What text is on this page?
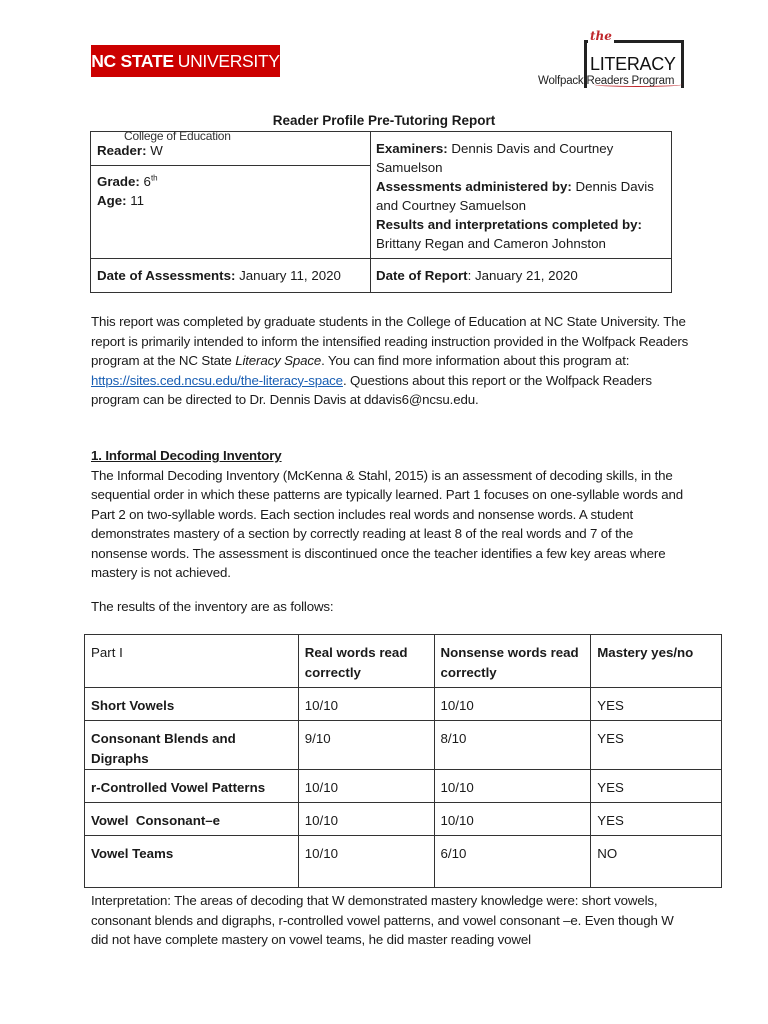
NC STATE UNIVERSITY
the
LITERACY
Wolfpack Readers Program
Reader Profile Pre-Tutoring Report
Reader: W
Grade: 6th
Age: 11
Date of Assessments: January 11, 2020
Examiners: Dennis Davis and Courtney Samuelson
Assessments administered by: Dennis Davis and Courtney Samuelson
Results and interpretations completed by:
Brittany Regan and Cameron Johnston
Date of Report: January 21, 2020
College of Education
This report was completed by graduate students in the College of Education at NC State University. The report is primarily intended to inform the intensified reading instruction provided in the Wolfpack Readers program at the NC State Literacy Space. You can find more information about this program at: https://sites.ced.ncsu.edu/the-literacy-space. Questions about this report or the Wolfpack Readers program can be directed to Dr. Dennis Davis at ddavis6@ncsu.edu.
1. Informal Decoding Inventory
The Informal Decoding Inventory (McKenna & Stahl, 2015) is an assessment of decoding skills, in the sequential order in which these patterns are typically learned. Part 1 focuses on one-syllable words and Part 2 on two-syllable words. Each section includes real words and nonsense words. A student demonstrates mastery of a section by correctly reading at least 8 of the real words and 7 of the nonsense words. The assessment is discontinued once the teacher identifies a few key areas where mastery is not achieved.
The results of the inventory are as follows:
Part I	Real words read correctly	Nonsense words read correctly	Mastery yes/no
Short Vowels	10/10	10/10	YES
Consonant Blends and Digraphs	9/10	8/10	YES
r-Controlled Vowel Patterns	10/10	10/10	YES
Vowel  Consonant–e	10/10	10/10	YES
Vowel Teams	10/10	6/10	NO
Interpretation: The areas of decoding that W demonstrated mastery knowledge were: short vowels, consonant blends and digraphs, r-controlled vowel patterns, and vowel consonant –e. Even though W did not have complete mastery on vowel teams, he did master reading vowel
